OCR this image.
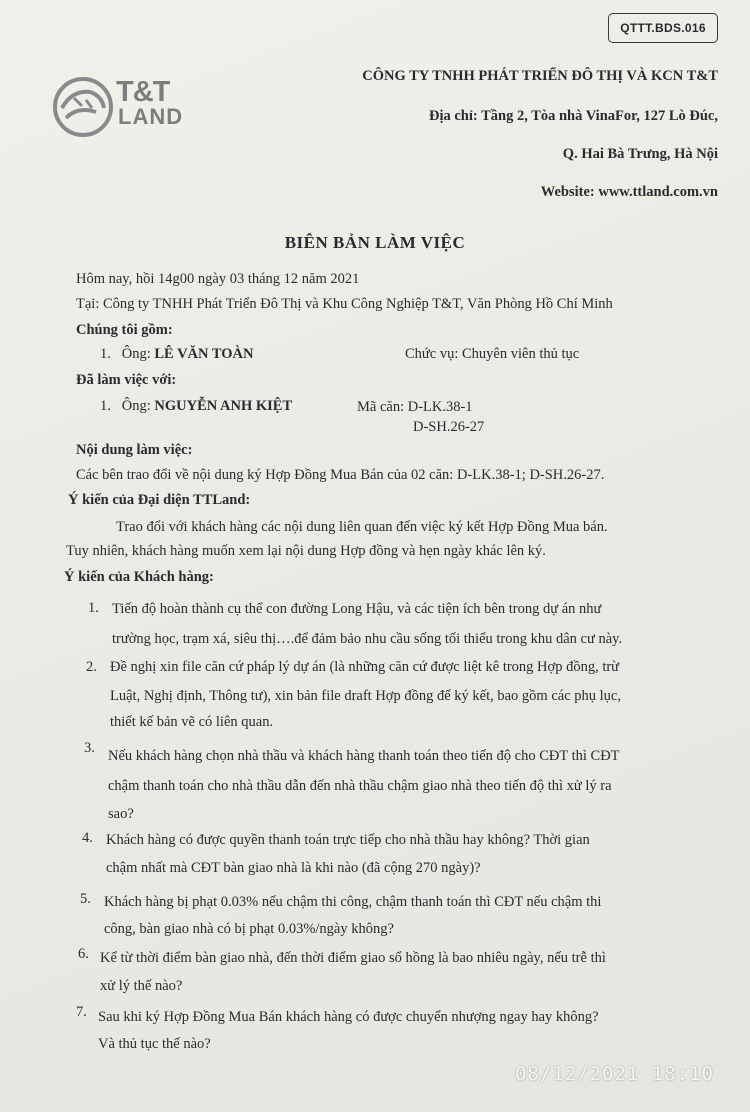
QTTT.BDS.016
T&T
LAND
CÔNG TY TNHH PHÁT TRIỂN ĐÔ THỊ VÀ KCN T&T
Địa chỉ: Tầng 2, Tòa nhà VinaFor, 127 Lò Đúc,
Q. Hai Bà Trưng, Hà Nội
Website: www.ttland.com.vn
BIÊN BẢN LÀM VIỆC
Hôm nay, hồi 14g00 ngày 03 tháng 12 năm 2021
Tại: Công ty TNHH Phát Triển Đô Thị và Khu Công Nghiệp T&T, Văn Phòng Hồ Chí Minh
Chúng tôi gồm:
1. Ông: LÊ VĂN TOÀN	Chức vụ: Chuyên viên thủ tục
Đã làm việc với:
1. Ông: NGUYỄN ANH KIỆT	Mã căn: D-LK.38-1
D-SH.26-27
Nội dung làm việc:
Các bên trao đổi về nội dung ký Hợp Đồng Mua Bán của 02 căn: D-LK.38-1; D-SH.26-27.
Ý kiến của Đại diện TTLand:
Trao đổi với khách hàng các nội dung liên quan đến việc ký kết Hợp Đồng Mua bán.
Tuy nhiên, khách hàng muốn xem lại nội dung Hợp đồng và hẹn ngày khác lên ký.
Ý kiến của Khách hàng:
1. Tiến độ hoàn thành cụ thể con đường Long Hậu, và các tiện ích bên trong dự án như
trường học, trạm xá, siêu thị….để đảm bảo nhu cầu sống tối thiểu trong khu dân cư này.
2. Đề nghị xin file căn cứ pháp lý dự án (là những căn cứ được liệt kê trong Hợp đồng, trừ
Luật, Nghị định, Thông tư), xin bản file draft Hợp đồng để ký kết, bao gồm các phụ lục,
thiết kế bản vẽ có liên quan.
3. Nếu khách hàng chọn nhà thầu và khách hàng thanh toán theo tiến độ cho CĐT thì CĐT
chậm thanh toán cho nhà thầu dẫn đến nhà thầu chậm giao nhà theo tiến độ thì xử lý ra
sao?
4. Khách hàng có được quyền thanh toán trực tiếp cho nhà thầu hay không? Thời gian
chậm nhất mà CĐT bàn giao nhà là khi nào (đã cộng 270 ngày)?
5. Khách hàng bị phạt 0.03% nếu chậm thi công, chậm thanh toán thì CĐT nếu chậm thi
công, bàn giao nhà có bị phạt 0.03%/ngày không?
6. Kể từ thời điểm bàn giao nhà, đến thời điểm giao sổ hồng là bao nhiêu ngày, nếu trễ thì
xử lý thế nào?
7. Sau khi ký Hợp Đồng Mua Bán khách hàng có được chuyển nhượng ngay hay không?
Và thủ tục thế nào?
08/12/2021 18:10
